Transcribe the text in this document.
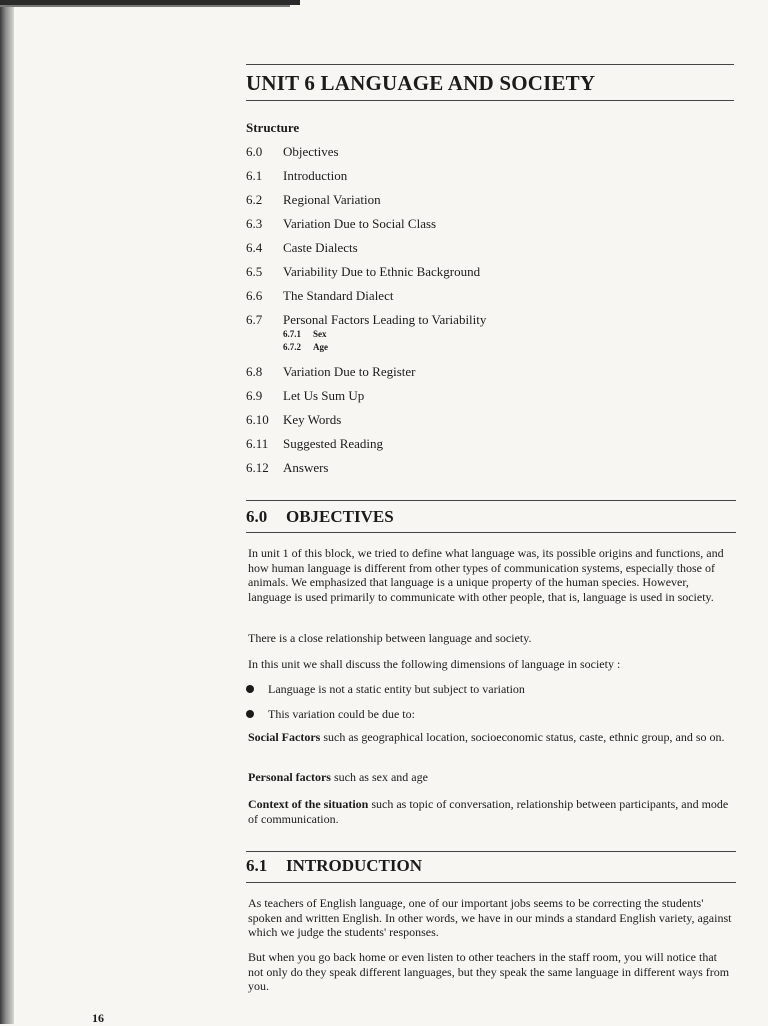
UNIT 6 LANGUAGE AND SOCIETY
Structure
6.0	Objectives
6.1	Introduction
6.2	Regional Variation
6.3	Variation Due to Social Class
6.4	Caste Dialects
6.5	Variability Due to Ethnic Background
6.6	The Standard Dialect
6.7	Personal Factors Leading to Variability
6.7.1 Sex
6.7.2 Age
6.8	Variation Due to Register
6.9	Let Us Sum Up
6.10	Key Words
6.11	Suggested Reading
6.12	Answers
6.0 OBJECTIVES

In unit 1 of this block, we tried to define what language was, its possible origins and functions, and how human language is different from other types of communication systems, especially those of animals. We emphasized that language is a unique property of the human species. However, language is used primarily to communicate with other people, that is, language is used in society.

There is a close relationship between language and society.

In this unit we shall discuss the following dimensions of language in society :

Language is not a static entity but subject to variation
This variation could be due to:

Social Factors such as geographical location, socioeconomic status, caste, ethnic group, and so on.

Personal factors such as sex and age

Context of the situation such as topic of conversation, relationship between participants, and mode of communication.

6.1 INTRODUCTION

As teachers of English language, one of our important jobs seems to be correcting the students' spoken and written English. In other words, we have in our minds a standard English variety, against which we judge the students' responses.

But when you go back home or even listen to other teachers in the staff room, you will notice that not only do they speak different languages, but they speak the same language in different ways from you.

16
